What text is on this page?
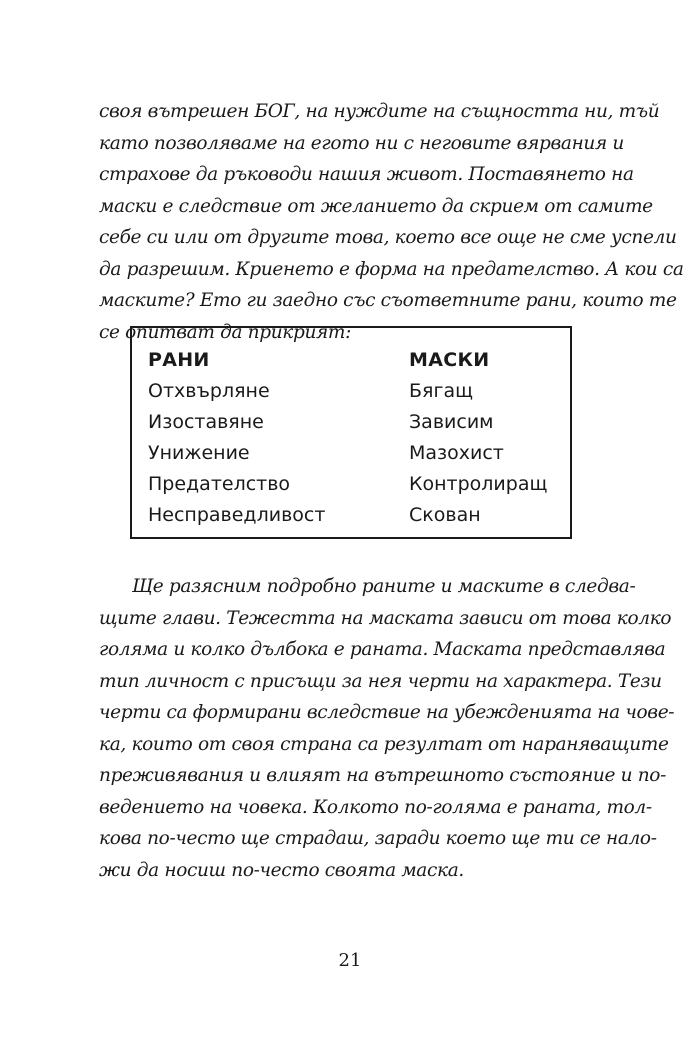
своя вътрешен БОГ, на нуждите на същността ни, тъй
като позволяваме на егото ни с неговите вярвания и
страхове да ръководи нашия живот. Поставянето на
маски е следствие от желанието да скрием от самите
себе си или от другите това, което все още не сме успели
да разрешим. Криенето е форма на предателство. А кои са
маските? Ето ги заедно със съответните рани, които те
се опитват да прикрият:
РАНИ
Отхвърляне
Изоставяне
Унижение
Предателство
Несправедливост
МАСКИ
Бягащ
Зависим
Мазохист
Контролиращ
Скован
Ще разясним подробно раните и маските в следва-
щите глави. Тежестта на маската зависи от това колко
голяма и колко дълбока е раната. Маската представлява
тип личност с присъщи за нея черти на характера. Тези
черти са формирани вследствие на убежденията на чове-
ка, които от своя страна са резултат от нараняващите
преживявания и влияят на вътрешното състояние и по-
ведението на човека. Колкото по-голяма е раната, тол-
кова по-често ще страдаш, заради което ще ти се нало-
жи да носиш по-често своята маска.
21
